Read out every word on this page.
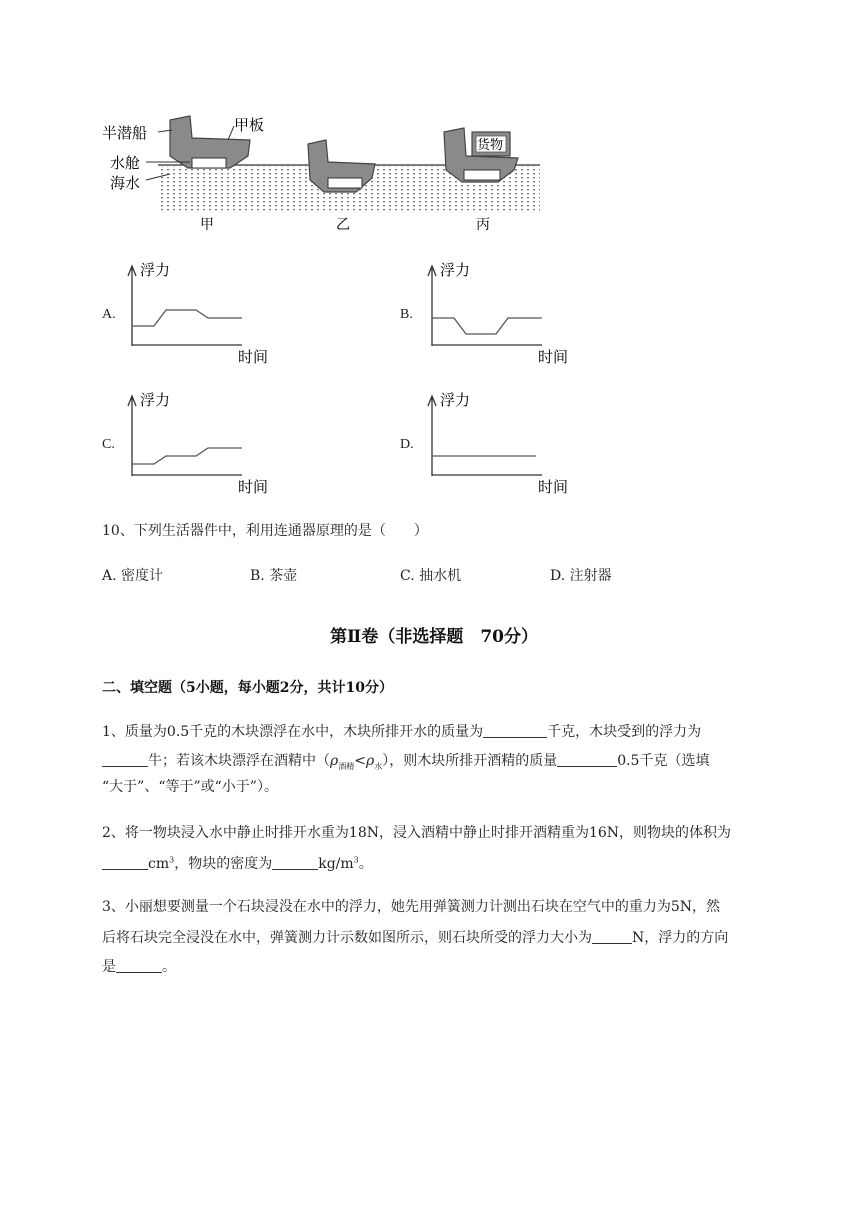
半潜船	甲板
水舱
海水
货物
甲	乙	丙
A.	B.
C.	D.
浮力
时间
浮力
时间
浮力
时间
浮力
时间
10、下列生活器件中，利用连通器原理的是（　　）
A. 密度计	B. 茶壶	C. 抽水机	D. 注射器
第Ⅱ卷（非选择题　70分）
二、填空题（5小题，每小题2分，共计10分）
1、质量为0.5千克的木块漂浮在水中，木块所排开水的质量为	千克，木块受到的浮力为
牛；若该木块漂浮在酒精中$(\rho_{酒精}<\rho_水)$，则木块所排开酒精的质量	0.5千克（选填
“大于”、“等于”或“小于”）。
2、将一物块浸入水中静止时排开水重为18N，浸入酒精中静止时排开酒精重为16N，则物块的体积为
$cm^3$，物块的密度为	$kg/m^3$。
3、小丽想要测量一个石块浸没在水中的浮力，她先用弹簧测力计测出石块在空气中的重力为5N，然
后将石块完全浸没在水中，弹簧测力计示数如图所示，则石块所受的浮力大小为	N，浮力的方向
是	。
